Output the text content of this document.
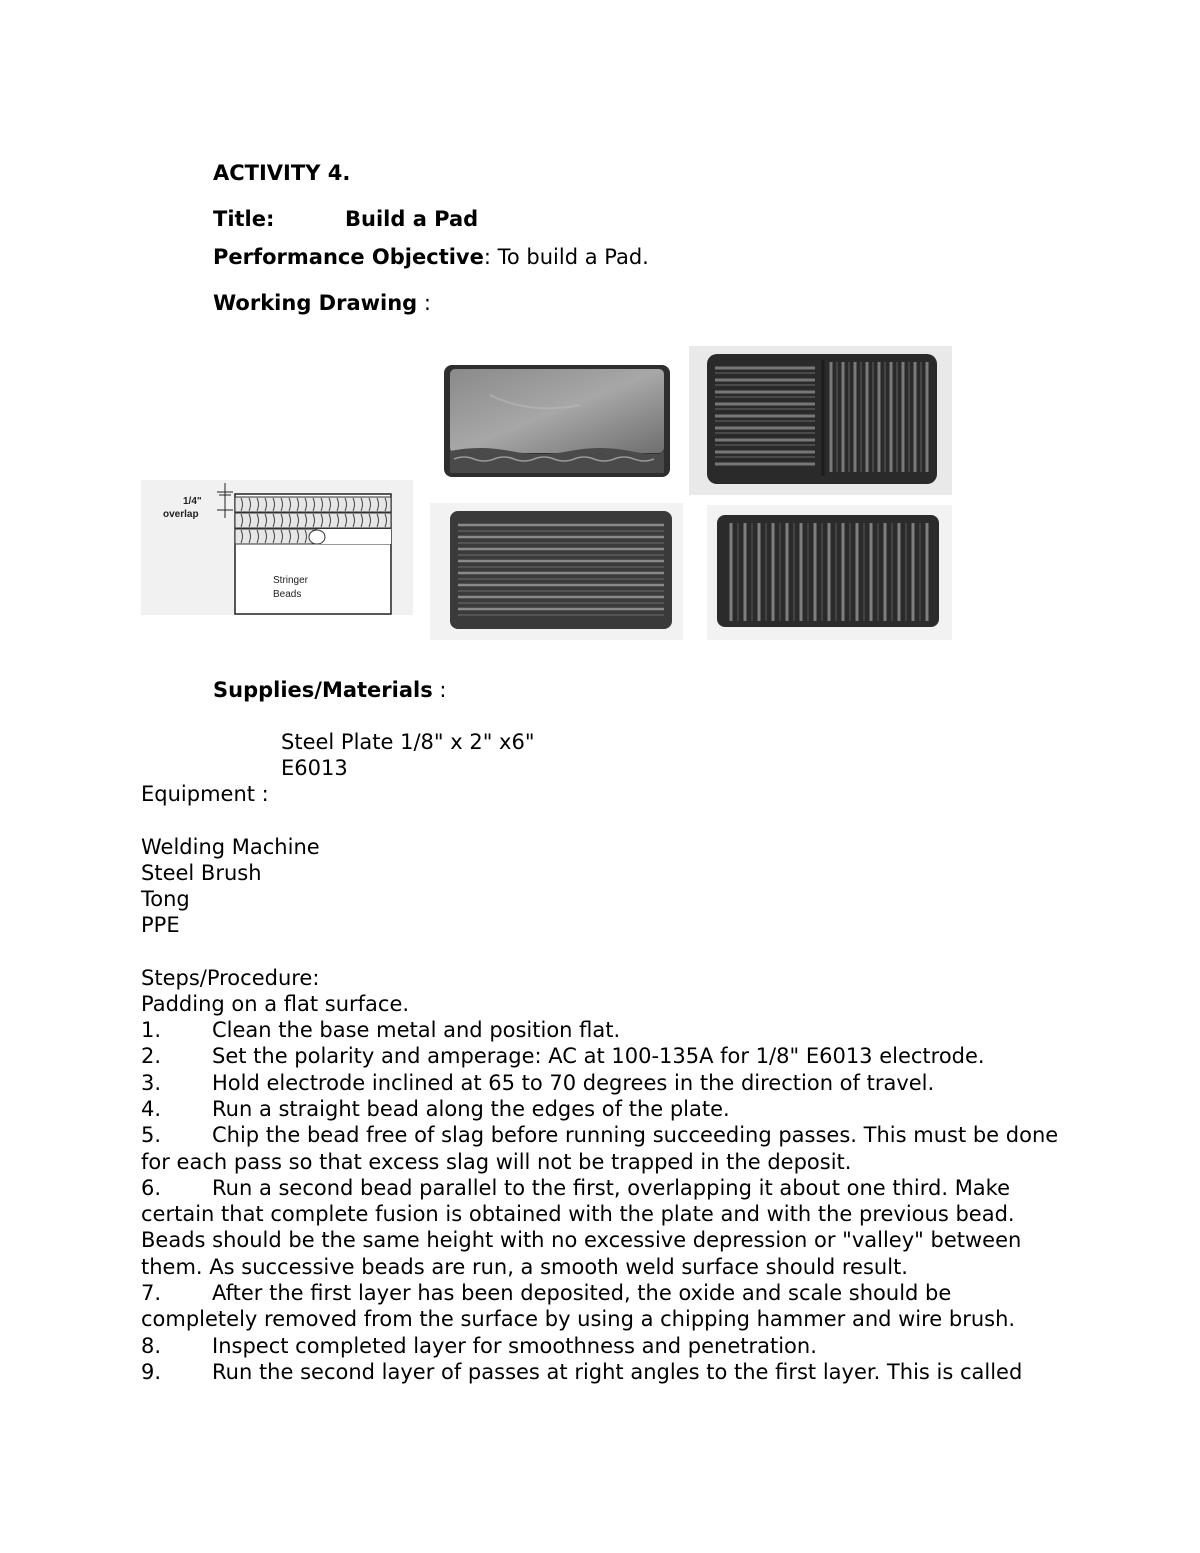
ACTIVITY 4.
Title:	Build a Pad
Performance Objective: To build a Pad.
Working Drawing :
1/4"
overlap
Stringer
Beads
Supplies/Materials :
Steel Plate 1/8" x 2" x6"
E6013
Equipment :
Welding Machine
Steel Brush
Tong
PPE
Steps/Procedure:
Padding on a flat surface.
1. Clean the base metal and position flat.
2. Set the polarity and amperage: AC at 100-135A for 1/8" E6013 electrode.
3. Hold electrode inclined at 65 to 70 degrees in the direction of travel.
4. Run a straight bead along the edges of the plate.
5. Chip the bead free of slag before running succeeding passes. This must be done
for each pass so that excess slag will not be trapped in the deposit.
6. Run a second bead parallel to the first, overlapping it about one third. Make
certain that complete fusion is obtained with the plate and with the previous bead.
Beads should be the same height with no excessive depression or "valley" between
them. As successive beads are run, a smooth weld surface should result.
7. After the first layer has been deposited, the oxide and scale should be
completely removed from the surface by using a chipping hammer and wire brush.
8. Inspect completed layer for smoothness and penetration.
9. Run the second layer of passes at right angles to the first layer. This is called
